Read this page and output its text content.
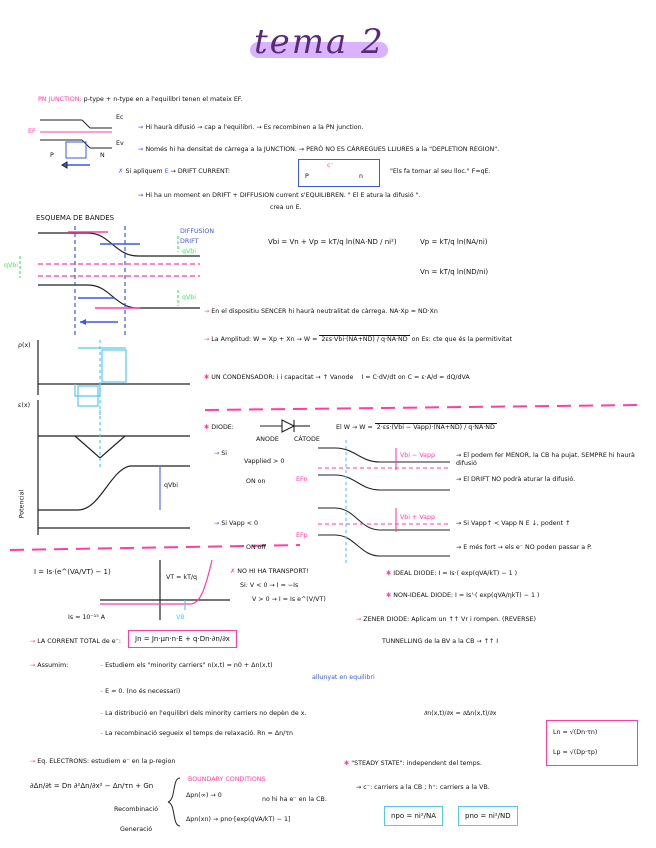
tema 2
PN JUNCTION: p-type + n-type en a l'equilibri tenen el mateix EF.
Ec
Ev
EF
P	N
→ Hi haurà difusió → cap a l'equilibri. → Es recombinen a la PN junction.
→ Només hi ha densitat de càrrega a la JUNCTION. → PERÒ NO ES CÀRREGUES LLIURES a la "DEPLETION REGION".
✗ Si apliquem E → DRIFT CURRENT:
P	n
c⁻
"Els fa tornar al seu lloc." F=qE.
→ Hi ha un moment en DRIFT + DIFFUSION current s'EQUILIBREN. " El E atura la difusió ".
crea un E.
ESQUEMA DE BANDES
DIFFUSION
DRIFT
qVbi
qVbi
qVbi
Vbi = Vn + Vp = kT/q ln(NA·ND / ni²)	Vp = kT/q ln(NA/ni)
Vn = kT/q ln(ND/ni)
→ En el dispositiu SENCER hi haurà neutralitat de càrrega. NA·Xp = ND·Xn
→ La Amplitud: W = Xp + Xn → W = 2εs·Vbi·(NA+ND) / q·NA·ND on Es: cte que és la permitivitat
✱ UN CONDENSADOR: i i capacitat → ↑ Vanode I = C·dV/dt on C = ε·A/d = dQ/dVA
ρ(x)
ε(x)
Potencial
qVbi
✱ DIODE:
ANODE CÀTODE
El W → W = 2·εs·(Vbi − Vapp)·(NA+ND) / q·NA·ND
→ Si
Vapplied > 0
ON on
→ Si Vapp < 0
ON off
Vbi − Vapp
Vbi + Vapp
EFn
EFp
→ El podem fer MENOR, la CB ha pujat. SEMPRE hi haurà difusió
→ El DRIFT NO podrà aturar la difusió.
→ Si Vapp↑ < Vapp N E ↓, podent ↑
→ E més fort → els e⁻ NO poden passar a P.
I = Is·(e^(VA/VT) − 1)
VT = kT/q
Is ≈ 10⁻¹⁵ A	VB
✗ NO HI HA TRANSPORT!
Si: V < 0 → I = −Is
V > 0 → I = Is e^(V/VT)
✱ IDEAL DIODE: I = Is·( exp(qVA/kT) − 1 )
✱ NON-IDEAL DIODE: I = Is'·( exp(qVA/ηkT) − 1 )
→ ZENER DIODE: Aplicam un ↑↑ Vr i rompen. (REVERSE)
TUNNELLING de la BV a la CB → ↑↑ I
→ LA CORRENT TOTAL de e⁻:	Jn = Jn·μn·n·E + q·Dn·∂n/∂x
→ Assumim:	– Estudiem els "minority carriers" n(x,t) = n0 + Δn(x,t)
allunyat en equilibri
– E ≈ 0. (no és necessari)
– La distribució en l'equilibri dels minority carriers no depèn de x.	∂n(x,t)/∂x = ∂Δn(x,t)/∂x
– La recombinació segueix el temps de relaxació. Rn = Δn/τn	Ln = √(Dn·τn)
Lp = √(Dp·τp)
→ Eq. ELECTRONS: estudiem e⁻ en la p-region
∂Δn/∂t = Dn ∂²Δn/∂x² − Δn/τn + Gn
Recombinació
Generació
BOUNDARY CONDITIONS
Δpn(∞) → 0
no hi ha e⁻ en la CB.
Δpn(xn) → pno·[exp(qVA/kT) − 1]
✱ "STEADY STATE": independent del temps.
→ c⁻: carriers a la CB ; h⁺: carriers a la VB.
npo = ni²/NA	pno = ni²/ND
